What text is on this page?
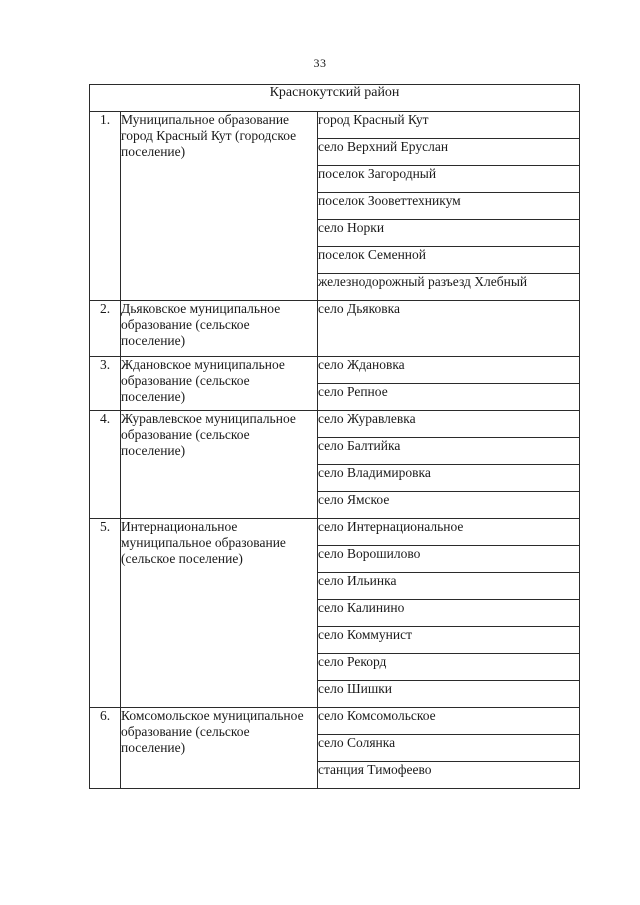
33
Краснокутский район		
1.	Муниципальное образование город Красный Кут (городское поселение)	город Красный Кут
		село Верхний Еруслан
		поселок Загородный
		поселок Зооветтехникум
		село Норки
		поселок Семенной
		железнодорожный разъезд Хлебный
2.	Дьяковское муниципальное образование (сельское поселение)	село Дьяковка
3.	Ждановское муниципальное образование (сельское поселение)	село Ждановка
		село Репное
4.	Журавлевское муниципальное образование (сельское поселение)	село Журавлевка
		село Балтийка
		село Владимировка
		село Ямское
5.	Интернациональное муниципальное образование (сельское поселение)	село Интернациональное
		село Ворошилово
		село Ильинка
		село Калинино
		село Коммунист
		село Рекорд
		село Шишки
6.	Комсомольское муниципальное образование (сельское поселение)	село Комсомольское
		село Солянка
		станция Тимофеево
